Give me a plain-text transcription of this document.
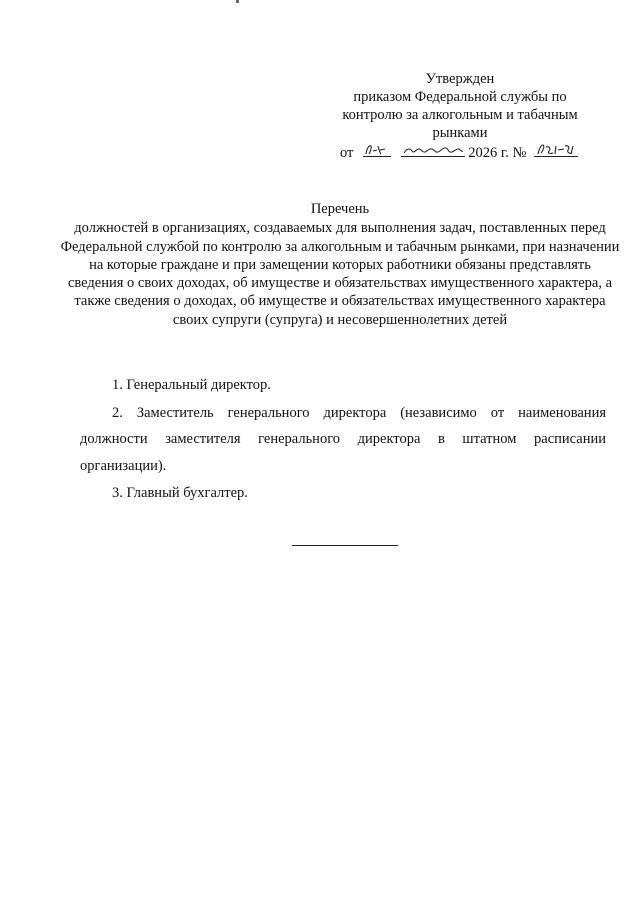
Утвержден
приказом Федеральной службы по
контролю за алкогольным и табачным
рынками
от
	2026 г. №
Перечень
должностей в организациях, создаваемых для выполнения задач, поставленных перед Федеральной службой по контролю за алкогольным и табачным рынками, при назначении на которые граждане и при замещении которых работники обязаны представлять сведения о своих доходах, об имуществе и обязательствах имущественного характера, а также сведения о доходах, об имуществе и обязательствах имущественного характера своих супруги (супруга) и несовершеннолетних детей

1. Генеральный директор.

2. Заместитель генерального директора (независимо от наименования должности заместителя генерального директора в штатном расписании организации).

3. Главный бухгалтер.
